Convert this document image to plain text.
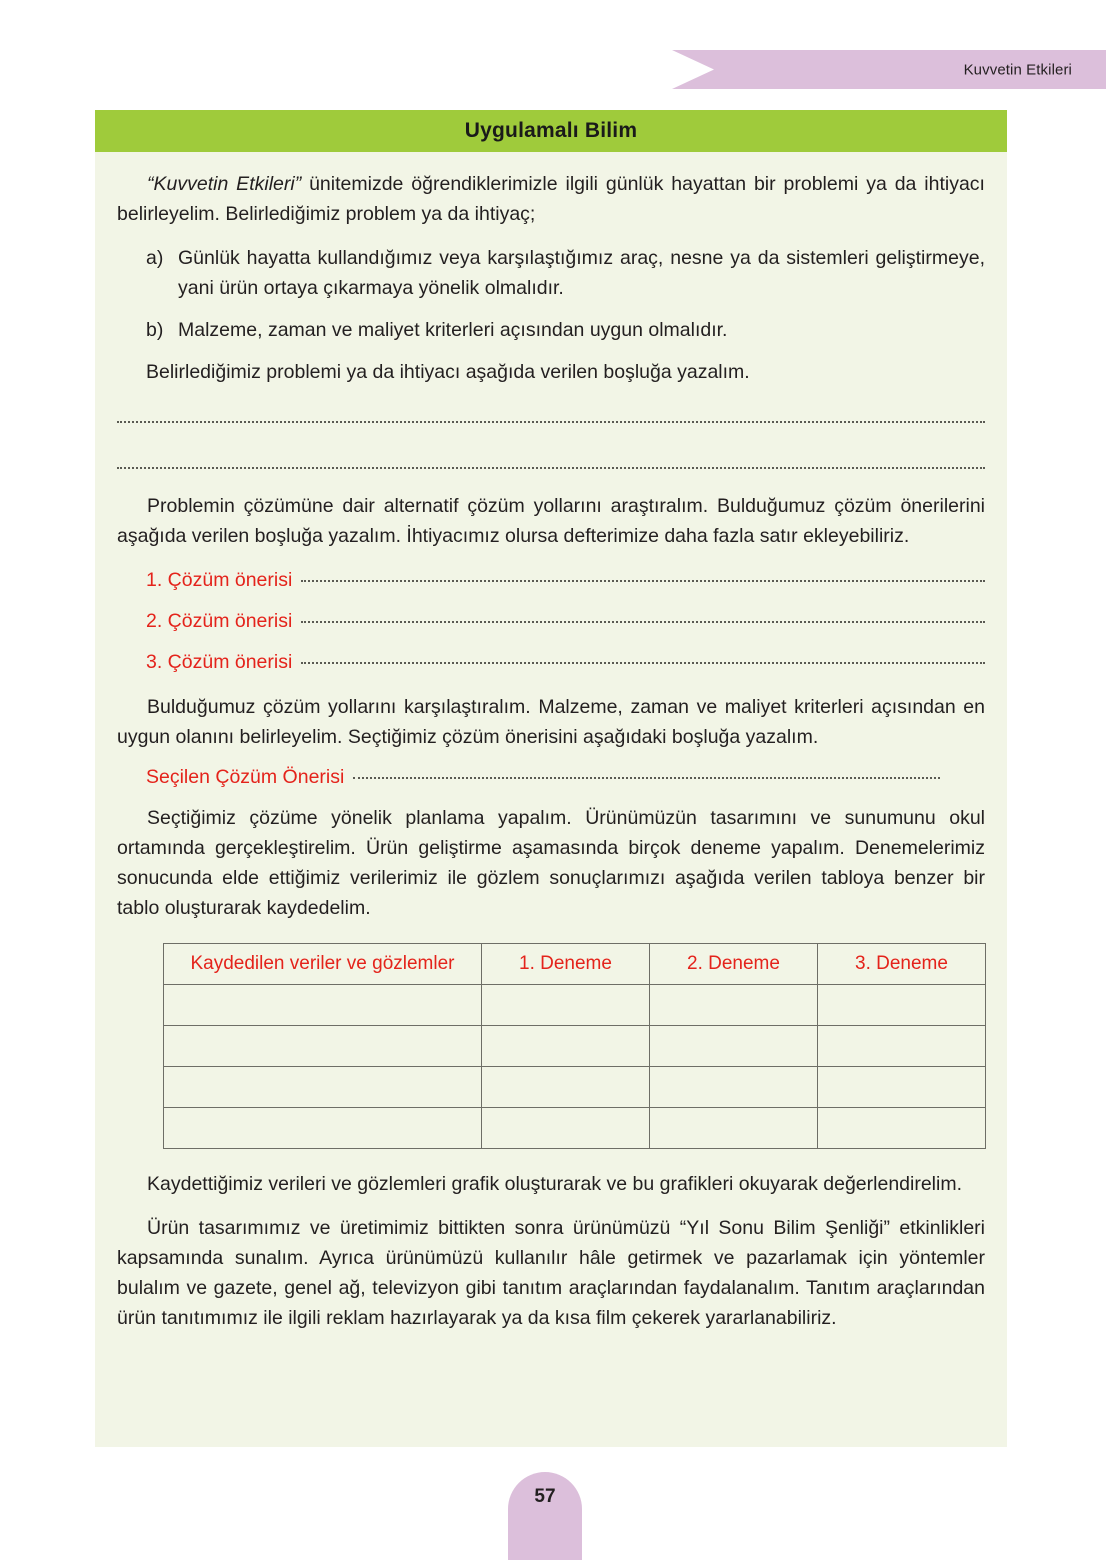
Kuvvetin Etkileri
Uygulamalı Bilim

“Kuvvetin Etkileri” ünitemizde öğrendiklerimizle ilgili günlük hayattan bir problemi ya da ihtiyacı belirleyelim. Belirlediğimiz problem ya da ihtiyaç;

a) Günlük hayatta kullandığımız veya karşılaştığımız araç, nesne ya da sistemleri geliştirmeye, yani ürün ortaya çıkarmaya yönelik olmalıdır.
b) Malzeme, zaman ve maliyet kriterleri açısından uygun olmalıdır.

Belirlediğimiz problemi ya da ihtiyacı aşağıda verilen boşluğa yazalım.

Problemin çözümüne dair alternatif çözüm yollarını araştıralım. Bulduğumuz çözüm önerilerini aşağıda verilen boşluğa yazalım. İhtiyacımız olursa defterimize daha fazla satır ekleyebiliriz.

1. Çözüm önerisi
2. Çözüm önerisi
3. Çözüm önerisi

Bulduğumuz çözüm yollarını karşılaştıralım. Malzeme, zaman ve maliyet kriterleri açısından en uygun olanını belirleyelim. Seçtiğimiz çözüm önerisini aşağıdaki boşluğa yazalım.

Seçilen Çözüm Önerisi

Seçtiğimiz çözüme yönelik planlama yapalım. Ürünümüzün tasarımını ve sunumunu okul ortamında gerçekleştirelim. Ürün geliştirme aşamasında birçok deneme yapalım. Denemelerimiz sonucunda elde ettiğimiz verilerimiz ile gözlem sonuçlarımızı aşağıda verilen tabloya benzer bir tablo oluşturarak kaydedelim.

Kaydedilen veriler ve gözlemler	1. Deneme	2. Deneme	3. Deneme

Kaydettiğimiz verileri ve gözlemleri grafik oluşturarak ve bu grafikleri okuyarak değerlendirelim.

Ürün tasarımımız ve üretimimiz bittikten sonra ürünümüzü “Yıl Sonu Bilim Şenliği” etkinlikleri kapsamında sunalım. Ayrıca ürünümüzü kullanılır hâle getirmek ve pazarlamak için yöntemler bulalım ve gazete, genel ağ, televizyon gibi tanıtım araçlarından faydalanalım. Tanıtım araçlarından ürün tanıtımımız ile ilgili reklam hazırlayarak ya da kısa film çekerek yararlanabiliriz.

57
